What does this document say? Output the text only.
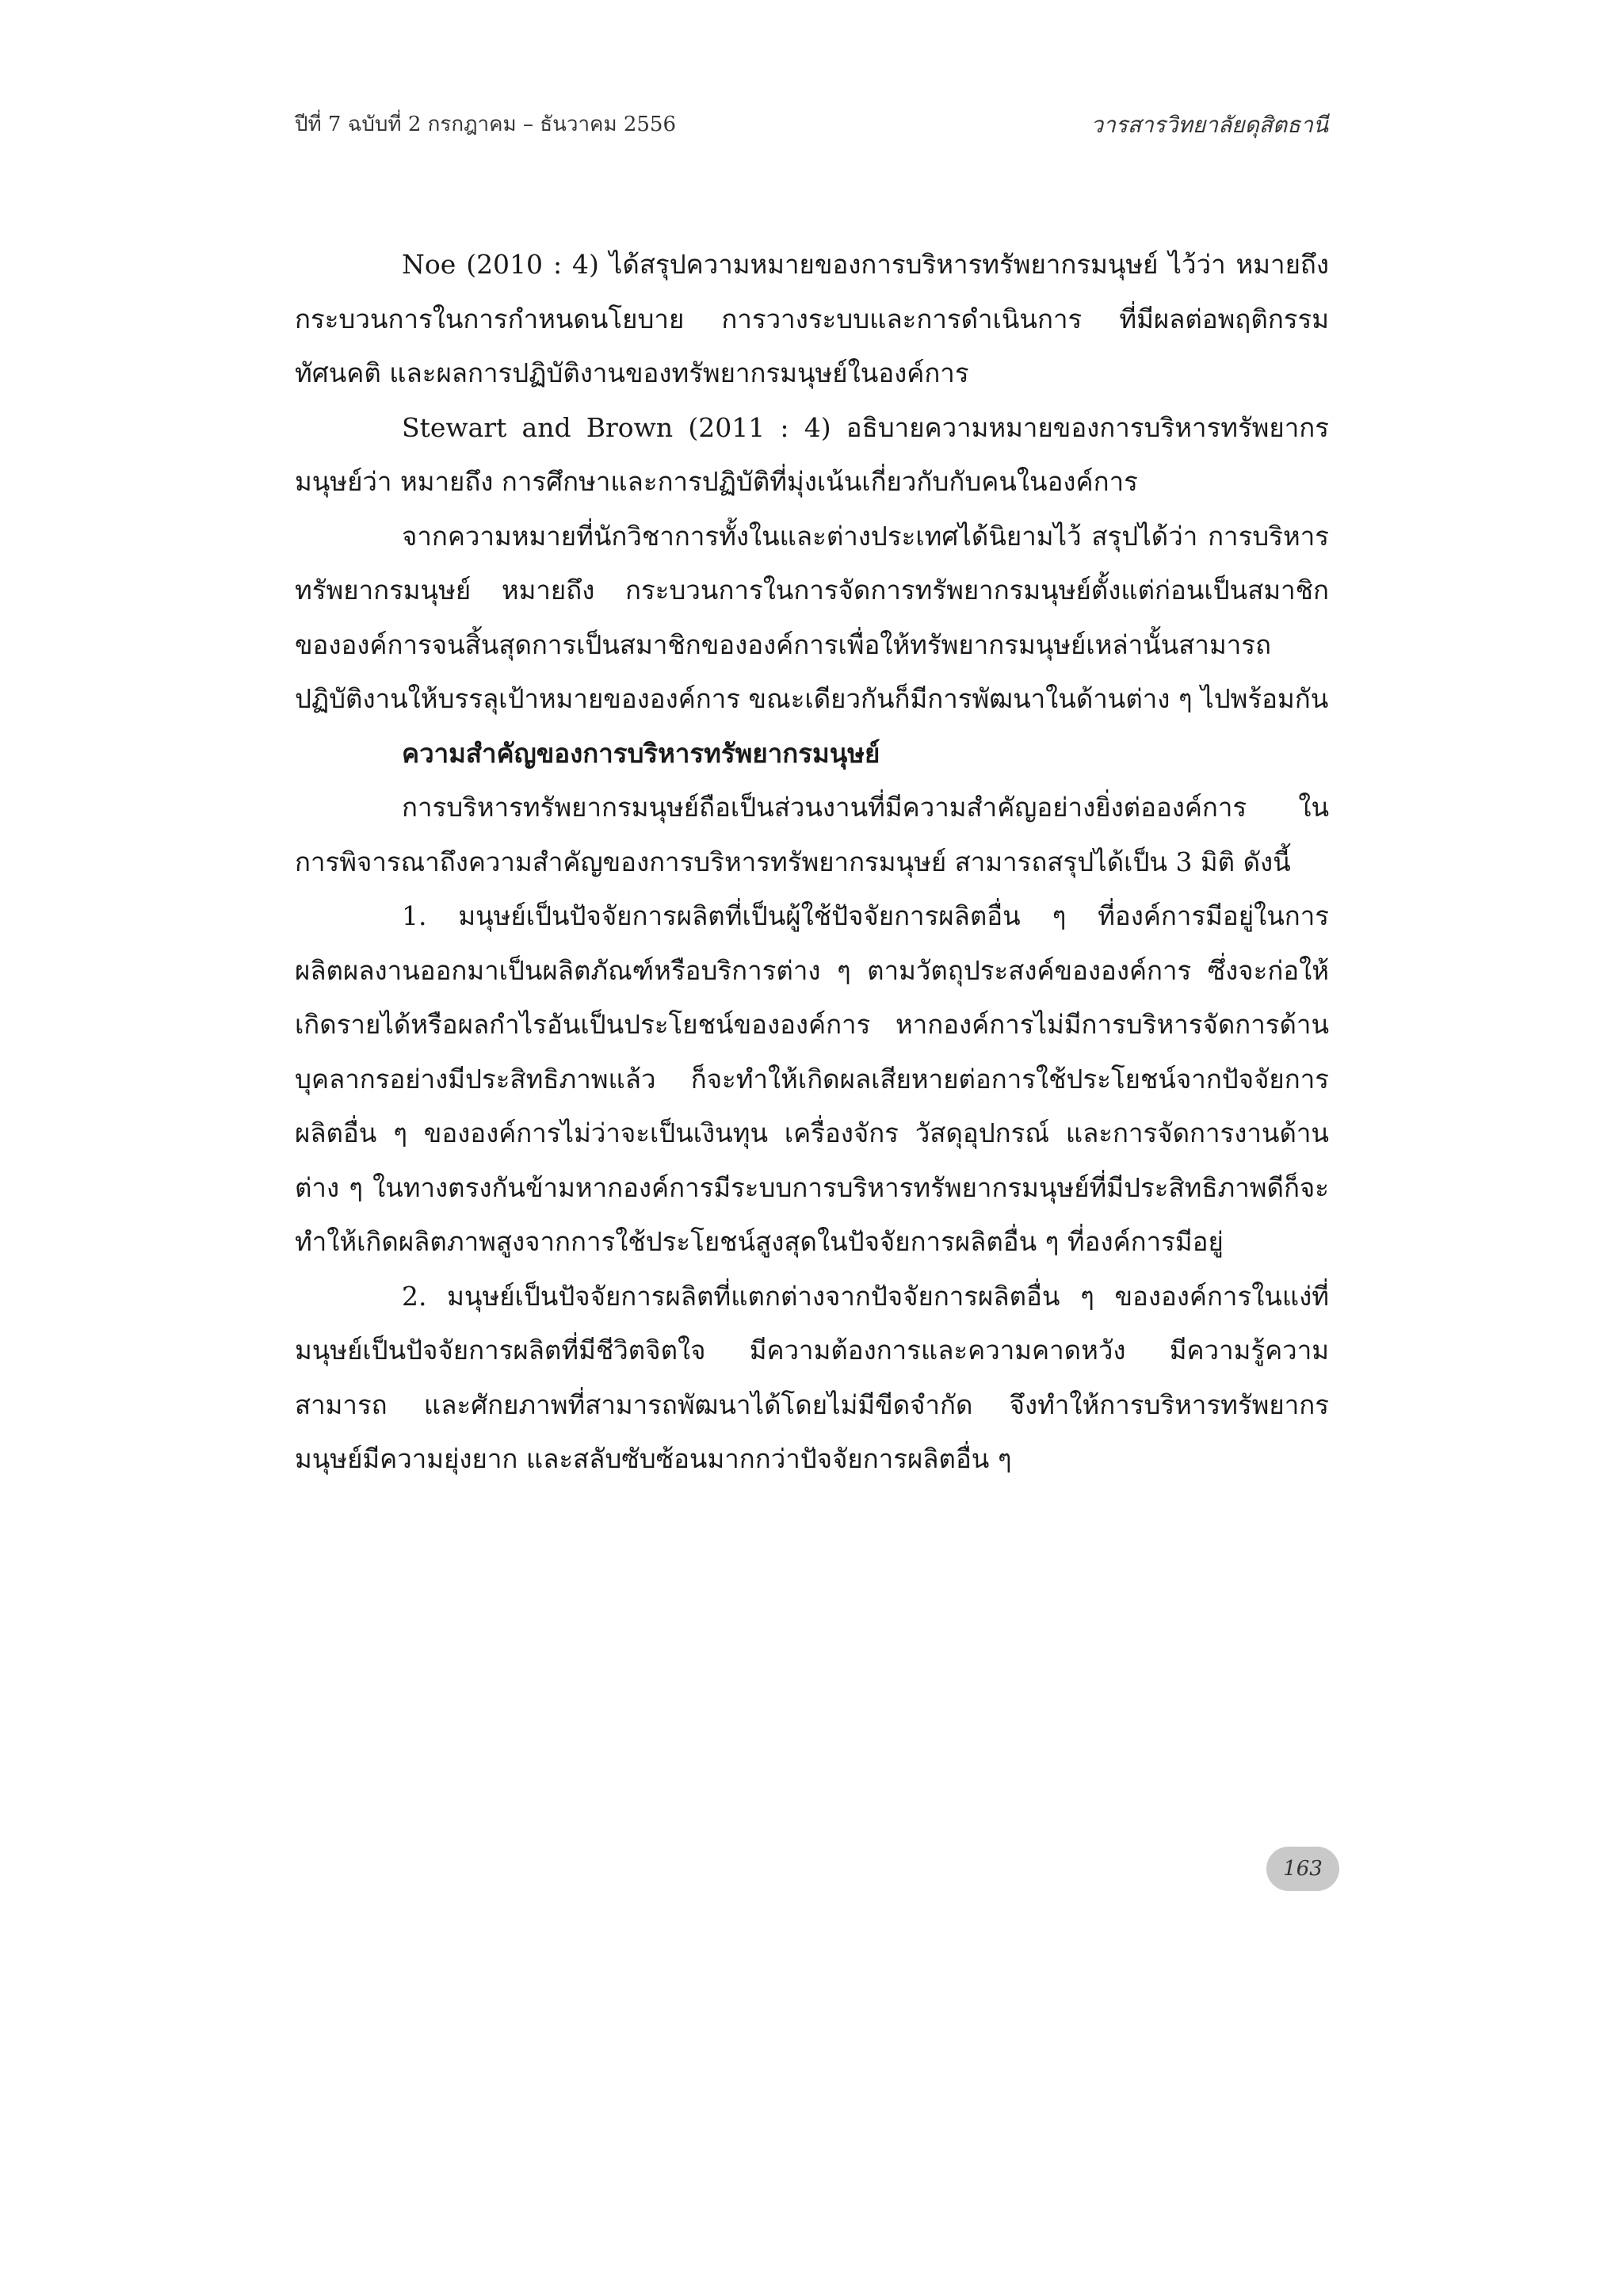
ปีที่ 7 ฉบับที่ 2 กรกฎาคม – ธันวาคม 2556	วารสารวิทยาลัยดุสิตธานี

Noe (2010 : 4) ได้สรุปความหมายของการบริหารทรัพยากรมนุษย์ ไว้ว่า หมายถึง กระบวนการในการกำหนดนโยบาย การวางระบบและการดำเนินการ ที่มีผลต่อพฤติกรรม ทัศนคติ และผลการปฏิบัติงานของทรัพยากรมนุษย์ในองค์การ

Stewart and Brown (2011 : 4) อธิบายความหมายของการบริหารทรัพยากรมนุษย์ว่า หมายถึง การศึกษาและการปฏิบัติที่มุ่งเน้นเกี่ยวกับกับคนในองค์การ

จากความหมายที่นักวิชาการทั้งในและต่างประเทศได้นิยามไว้ สรุปได้ว่า การบริหารทรัพยากรมนุษย์ หมายถึง กระบวนการในการจัดการทรัพยากรมนุษย์ตั้งแต่ก่อนเป็นสมาชิกขององค์การจนสิ้นสุดการเป็นสมาชิกขององค์การเพื่อให้ทรัพยากรมนุษย์เหล่านั้นสามารถปฏิบัติงานให้บรรลุเป้าหมายขององค์การ ขณะเดียวกันก็มีการพัฒนาในด้านต่าง ๆ ไปพร้อมกัน

ความสำคัญของการบริหารทรัพยากรมนุษย์

การบริหารทรัพยากรมนุษย์ถือเป็นส่วนงานที่มีความสำคัญอย่างยิ่งต่อองค์การ ในการพิจารณาถึงความสำคัญของการบริหารทรัพยากรมนุษย์ สามารถสรุปได้เป็น 3 มิติ ดังนี้

1. มนุษย์เป็นปัจจัยการผลิตที่เป็นผู้ใช้ปัจจัยการผลิตอื่น ๆ ที่องค์การมีอยู่ในการผลิตผลงานออกมาเป็นผลิตภัณฑ์หรือบริการต่าง ๆ ตามวัตถุประสงค์ขององค์การ ซึ่งจะก่อให้เกิดรายได้หรือผลกำไรอันเป็นประโยชน์ขององค์การ หากองค์การไม่มีการบริหารจัดการด้านบุคลากรอย่างมีประสิทธิภาพแล้ว ก็จะทำให้เกิดผลเสียหายต่อการใช้ประโยชน์จากปัจจัยการผลิตอื่น ๆ ขององค์การไม่ว่าจะเป็นเงินทุน เครื่องจักร วัสดุอุปกรณ์ และการจัดการงานด้านต่าง ๆ ในทางตรงกันข้ามหากองค์การมีระบบการบริหารทรัพยากรมนุษย์ที่มีประสิทธิภาพดีก็จะทำให้เกิดผลิตภาพสูงจากการใช้ประโยชน์สูงสุดในปัจจัยการผลิตอื่น ๆ ที่องค์การมีอยู่

2. มนุษย์เป็นปัจจัยการผลิตที่แตกต่างจากปัจจัยการผลิตอื่น ๆ ขององค์การในแง่ที่มนุษย์เป็นปัจจัยการผลิตที่มีชีวิตจิตใจ มีความต้องการและความคาดหวัง มีความรู้ความสามารถ และศักยภาพที่สามารถพัฒนาได้โดยไม่มีขีดจำกัด จึงทำให้การบริหารทรัพยากรมนุษย์มีความยุ่งยาก และสลับซับซ้อนมากกว่าปัจจัยการผลิตอื่น ๆ

163
